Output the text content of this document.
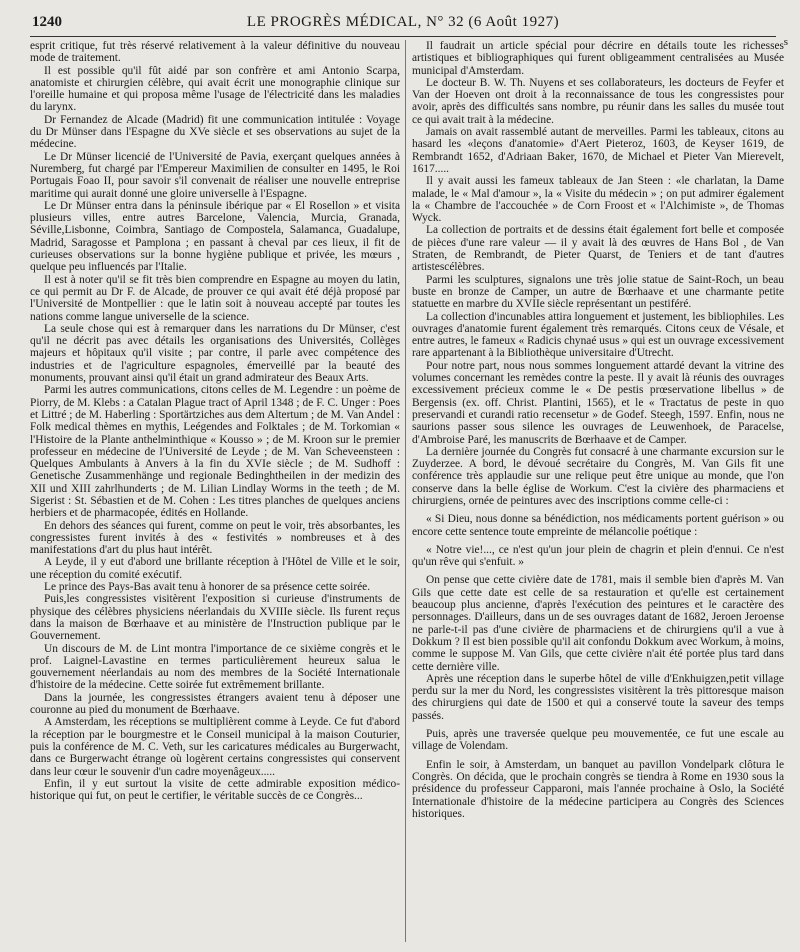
1240	LE PROGRÈS MÉDICAL, N° 32 (6 Août 1927)
s

esprit critique, fut très réservé relativement à la valeur définitive du nouveau mode de traitement.

Il est possible qu'il fût aidé par son confrère et ami Antonio Scarpa, anatomiste et chirurgien célèbre, qui avait écrit une monographie clinique sur l'oreille humaine et qui proposa même l'usage de l'électricité dans les maladies du larynx.

Dr Fernandez de Alcade (Madrid) fit une communication intitulée : Voyage du Dr Münser dans l'Espagne du XVe siècle et ses observations au sujet de la médecine.

Le Dr Münser licencié de l'Université de Pavia, exerçant quelques années à Nuremberg, fut chargé par l'Empereur Maximilien de consulter en 1495, le Roi Portugais Foao II, pour savoir s'il convenait de réaliser une nouvelle entreprise maritime qui aurait donné une gloire universelle à l'Espagne.

Le Dr Münser entra dans la péninsule ibérique par « El Rosellon » et visita plusieurs villes, entre autres Barcelone, Valencia, Murcia, Granada, Séville,Lisbonne, Coimbra, Santiago de Compostela, Salamanca, Guadalupe, Madrid, Saragosse et Pamplona ; en passant à cheval par ces lieux, il fit de curieuses observations sur la bonne hygiène publique et privée, les mœurs , quelque peu influencés par l'Italie.

Il est à noter qu'il se fit très bien comprendre en Espagne au moyen du latin, ce qui permit au Dr F. de Alcade, de prouver ce qui avait été déjà proposé par l'Université de Montpellier : que le latin soit à nouveau accepté par toutes les nations comme langue universelle de la science.

La seule chose qui est à remarquer dans les narrations du Dr Münser, c'est qu'il ne décrit pas avec détails les organisations des Universités, Collèges majeurs et hôpitaux qu'il visite ; par contre, il parle avec compétence des industries et de l'agriculture espagnoles, émerveillé par la beauté des monuments, prouvant ainsi qu'il était un grand admirateur des Beaux Arts.

Parmi les autres communications, citons celles de M. Legendre : un poème de Piorry, de M. Klebs : a Catalan Plague tract of April 1348 ; de F. C. Unger : Poes et Littré ; de M. Haberling : Sportärtziches aus dem Altertum ; de M. Van Andel : Folk medical thèmes en mythis, Leégendes and Folktales ; de M. Torkomian « l'Histoire de la Plante anthelminthique « Kousso » ; de M. Kroon sur le premier professeur en médecine de l'Université de Leyde ; de M. Van Scheveensteen : Quelques Ambulants à Anvers à la fin du XVIe siècle ; de M. Sudhoff : Genetische Zusammenhänge und regionale Bedinghtheilen in der medizin des XII und XIII zahrlhunderts ; de M. Lilian Lindlay Worms in the teeth ; de M. Sigerist : St. Sébastien et de M. Cohen : Les titres planches de quelques anciens herbiers et de pharmacopée, édités en Hollande.

En dehors des séances qui furent, comme on peut le voir, très absorbantes, les congressistes furent invités à des « festivités » nombreuses et à des manifestations d'art du plus haut intérêt.

A Leyde, il y eut d'abord une brillante réception à l'Hôtel de Ville et le soir, une réception du comité exécutif.

Le prince des Pays-Bas avait tenu à honorer de sa présence cette soirée.

Puis,les congressistes visitèrent l'exposition si curieuse d'instruments de physique des célèbres physiciens néerlandais du XVIIIe siècle. Ils furent reçus dans la maison de Bœrhaave et au ministère de l'Instruction publique par le Gouvernement.

Un discours de M. de Lint montra l'importance de ce sixième congrès et le prof. Laignel-Lavastine en termes particulièrement heureux salua le gouvernement néerlandais au nom des membres de la Société Internationale d'histoire de la médecine. Cette soirée fut extrêmement brillante.

Dans la journée, les congressistes étrangers avaient tenu à déposer une couronne au pied du monument de Bœrhaave.

A Amsterdam, les réceptions se multiplièrent comme à Leyde. Ce fut d'abord la réception par le bourgmestre et le Conseil municipal à la maison Couturier, puis la conférence de M. C. Veth, sur les caricatures médicales au Burgerwacht, dans ce Burgerwacht étrange où logèrent certains congressistes qui conservent dans leur cœur le souvenir d'un cadre moyenâgeux.....

Enfin, il y eut surtout la visite de cette admirable exposition médico-historique qui fut, on peut le certifier, le véritable succès de ce Congrès...

Il faudrait un article spécial pour décrire en détails toute les richesses artistiques et bibliographiques qui furent obligeamment centralisées au Musée municipal d'Amsterdam.

Le docteur B. W. Th. Nuyens et ses collaborateurs, les docteurs de Feyfer et Van der Hoeven ont droit à la reconnaissance de tous les congressistes pour avoir, après des difficultés sans nombre, pu réunir dans les salles du musée tout ce qui avait trait à la médecine.

Jamais on avait rassemblé autant de merveilles. Parmi les tableaux, citons au hasard les «leçons d'anatomie» d'Aert Pieteroz, 1603, de Keyser 1619, de Rembrandt 1652, d'Adriaan Baker, 1670, de Michael et Pieter Van Mierevelt, 1617.....

Il y avait aussi les fameux tableaux de Jan Steen : «le charlatan, la Dame malade, le « Mal d'amour », la « Visite du médecin » ; on put admirer également la « Chambre de l'accouchée » de Corn Froost et « l'Alchimiste », de Thomas Wyck.

La collection de portraits et de dessins était également fort belle et composée de pièces d'une rare valeur — il y avait là des œuvres de Hans Bol , de Van Straten, de Rembrandt, de Pieter Quarst, de Teniers et de tant d'autres artistescélèbres.

Parmi les sculptures, signalons une très jolie statue de Saint-Roch, un beau buste en bronze de Camper, un autre de Bœrhaave et une charmante petite statuette en marbre du XVIIe siècle représentant un pestiféré.

La collection d'incunables attira longuement et justement, les bibliophiles. Les ouvrages d'anatomie furent également très remarqués. Citons ceux de Vésale, et entre autres, le fameux « Radicis chynaé usus » qui est un ouvrage excessivement rare appartenant à la Bibliothèque universitaire d'Utrecht.

Pour notre part, nous nous sommes longuement attardé devant la vitrine des volumes concernant les remèdes contre la peste. Il y avait là réunis des ouvrages excessivement précieux comme le « De pestis prœservatione libellus » de Bergensis (ex. off. Christ. Plantini, 1565), et le « Tractatus de peste in quo preservandi et curandi ratio recensetur » de Godef. Steegh, 1597. Enfin, nous ne saurions passer sous silence les ouvrages de Leuwenhoek, de Paracelse, d'Ambroise Paré, les manuscrits de Bœrhaave et de Camper.

La dernière journée du Congrès fut consacré à une charmante excursion sur le Zuyderzee. A bord, le dévoué secrétaire du Congrès, M. Van Gils fit une conférence très applaudie sur une relique peut être unique au monde, que l'on conserve dans la belle église de Workum. C'est la civière des pharmaciens et chirurgiens, ornée de peintures avec des inscriptions comme celle-ci :

« Si Dieu, nous donne sa bénédiction, nos médicaments portent guérison » ou encore cette sentence toute empreinte de mélancolie poétique :

« Notre vie!..., ce n'est qu'un jour plein de chagrin et plein d'ennui. Ce n'est qu'un rêve qui s'enfuit. »

On pense que cette civière date de 1781, mais il semble bien d'après M. Van Gils que cette date est celle de sa restauration et qu'elle est certainement beaucoup plus ancienne, d'après l'exécution des peintures et le caractère des personnages. D'ailleurs, dans un de ses ouvrages datant de 1682, Jeroen Jeroense ne parle-t-il pas d'une civière de pharmaciens et de chirurgiens qu'il a vue à Dokkum ? Il est bien possible qu'il ait confondu Dokkum avec Workum, à moins, comme le suppose M. Van Gils, que cette civière n'ait été portée plus tard dans cette dernière ville.

Après une réception dans le superbe hôtel de ville d'Enkhuigzen,petit village perdu sur la mer du Nord, les congressistes visitèrent la très pittoresque maison des chirurgiens qui date de 1500 et qui a conservé toute la saveur des temps passés.

Puis, après une traversée quelque peu mouvementée, ce fut une escale au village de Volendam.

Enfin le soir, à Amsterdam, un banquet au pavillon Vondelpark clôtura le Congrès. On décida, que le prochain congrès se tiendra à Rome en 1930 sous la présidence du professeur Capparoni, mais l'année prochaine à Oslo, la Société Internationale d'histoire de la médecine participera au Congrès des Sciences historiques.
